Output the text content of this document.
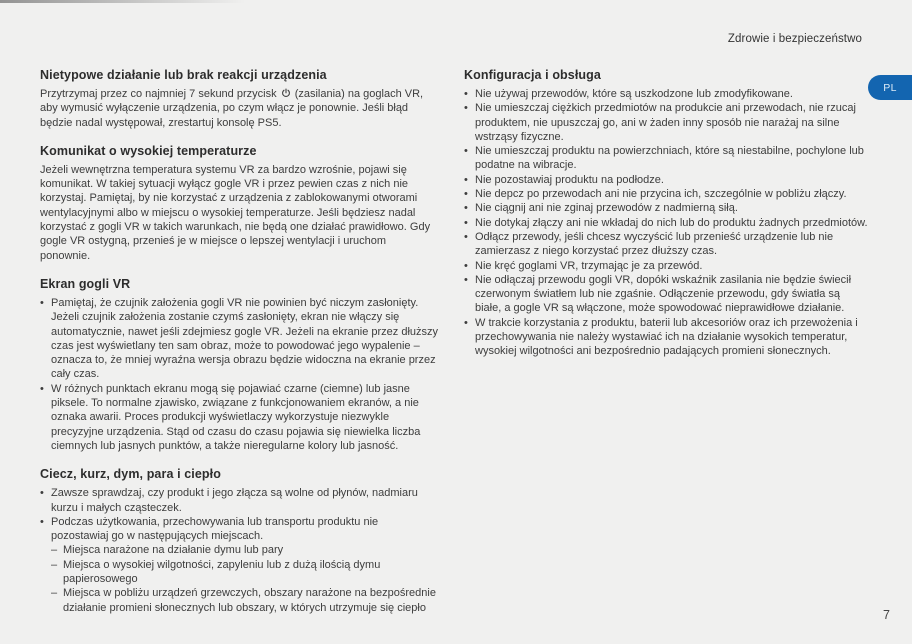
Zdrowie i bezpieczeństwo
PL
Nietypowe działanie lub brak reakcji urządzenia

Przytrzymaj przez co najmniej 7 sekund przycisk  (zasilania) na goglach VR, aby wymusić wyłączenie urządzenia, po czym włącz je ponownie. Jeśli błąd będzie nadal występował, zrestartuj konsolę PS5.

Komunikat o wysokiej temperaturze

Jeżeli wewnętrzna temperatura systemu VR za bardzo wzrośnie, pojawi się komunikat. W takiej sytuacji wyłącz gogle VR i przez pewien czas z nich nie korzystaj. Pamiętaj, by nie korzystać z urządzenia z zablokowanymi otworami wentylacyjnymi albo w miejscu o wysokiej temperaturze. Jeśli będziesz nadal korzystać z gogli VR w takich warunkach, nie będą one działać prawidłowo. Gdy gogle VR ostygną, przenieś je w miejsce o lepszej wentylacji i uruchom ponownie.

Ekran gogli VR
• Pamiętaj, że czujnik założenia gogli VR nie powinien być niczym zasłonięty. Jeżeli czujnik założenia zostanie czymś zasłonięty, ekran nie włączy się automatycznie, nawet jeśli zdejmiesz gogle VR. Jeżeli na ekranie przez dłuższy czas jest wyświetlany ten sam obraz, może to powodować jego wypalenie – oznacza to, że mniej wyraźna wersja obrazu będzie widoczna na ekranie przez cały czas.
• W różnych punktach ekranu mogą się pojawiać czarne (ciemne) lub jasne piksele. To normalne zjawisko, związane z funkcjonowaniem ekranów, a nie oznaka awarii. Proces produkcji wyświetlaczy wykorzystuje niezwykle precyzyjne urządzenia. Stąd od czasu do czasu pojawia się niewielka liczba ciemnych lub jasnych punktów, a także nieregularne kolory lub jasność.
Ciecz, kurz, dym, para i ciepło
• Zawsze sprawdzaj, czy produkt i jego złącza są wolne od płynów, nadmiaru kurzu i małych cząsteczek.
• Podczas użytkowania, przechowywania lub transportu produktu nie pozostawiaj go w następujących miejscach.
– Miejsca narażone na działanie dymu lub pary
– Miejsca o wysokiej wilgotności, zapyleniu lub z dużą ilością dymu papierosowego
– Miejsca w pobliżu urządzeń grzewczych, obszary narażone na bezpośrednie działanie promieni słonecznych lub obszary, w których utrzymuje się ciepło
Konfiguracja i obsługa
• Nie używaj przewodów, które są uszkodzone lub zmodyfikowane.
• Nie umieszczaj ciężkich przedmiotów na produkcie ani przewodach, nie rzucaj produktem, nie upuszczaj go, ani w żaden inny sposób nie narażaj na silne wstrząsy fizyczne.
• Nie umieszczaj produktu na powierzchniach, które są niestabilne, pochylone lub podatne na wibracje.
• Nie pozostawiaj produktu na podłodze.
• Nie depcz po przewodach ani nie przycina ich, szczególnie w pobliżu złączy.
• Nie ciągnij ani nie zginaj przewodów z nadmierną siłą.
• Nie dotykaj złączy ani nie wkładaj do nich lub do produktu żadnych przedmiotów.
• Odłącz przewody, jeśli chcesz wyczyścić lub przenieść urządzenie lub nie zamierzasz z niego korzystać przez dłuższy czas.
• Nie kręć goglami VR, trzymając je za przewód.
• Nie odłączaj przewodu gogli VR, dopóki wskaźnik zasilania nie będzie świecił czerwonym światłem lub nie zgaśnie. Odłączenie przewodu, gdy światła są białe, a gogle VR są włączone, może spowodować nieprawidłowe działanie.
• W trakcie korzystania z produktu, baterii lub akcesoriów oraz ich przewożenia i przechowywania nie należy wystawiać ich na działanie wysokich temperatur, wysokiej wilgotności ani bezpośrednio padających promieni słonecznych.
7
